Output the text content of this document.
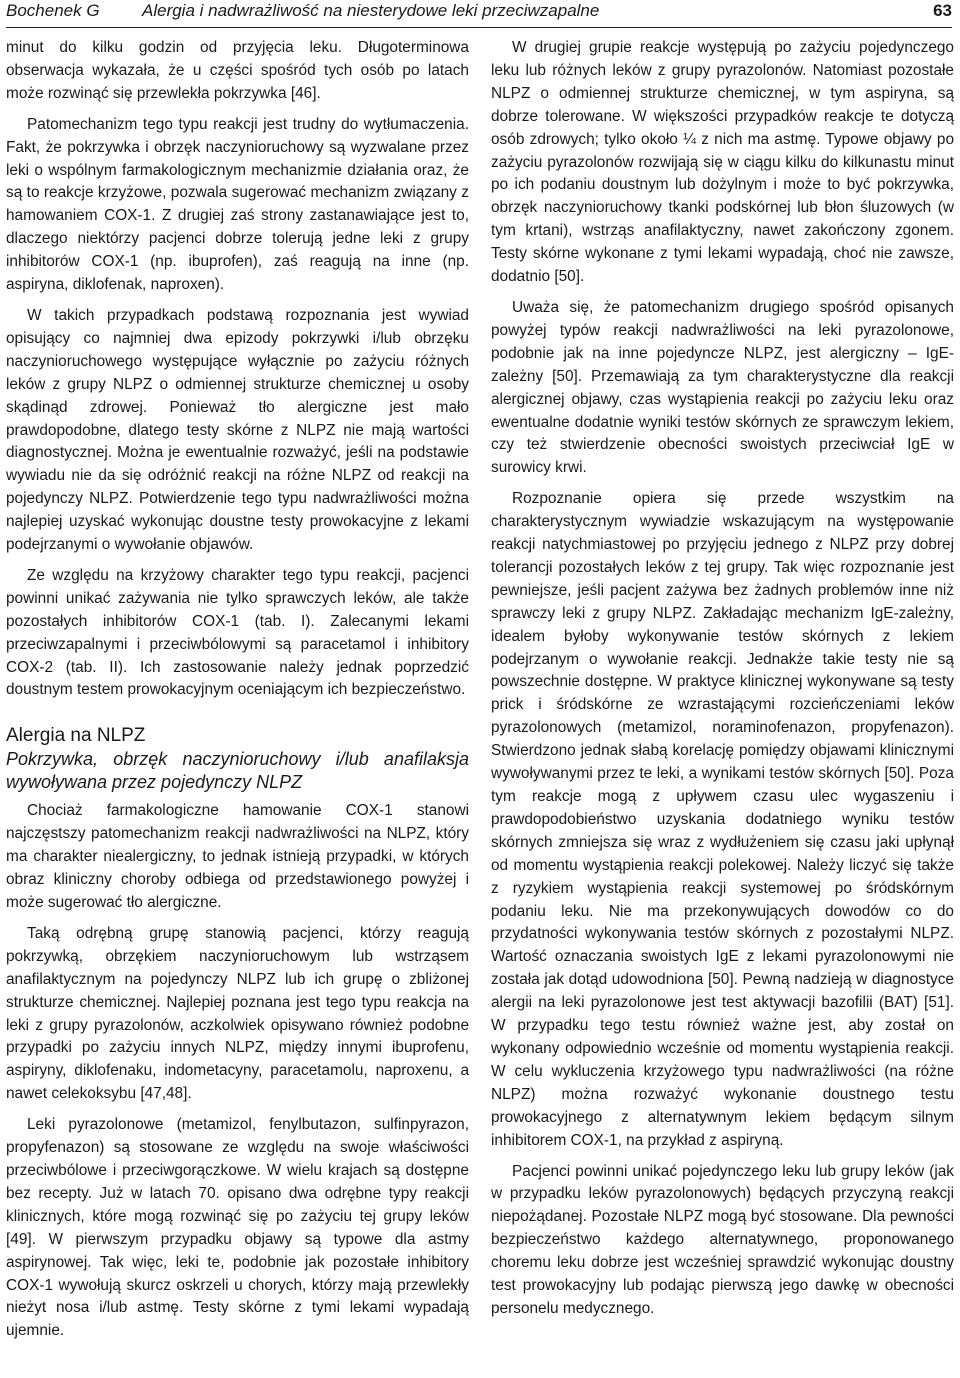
Bochenek G Alergia i nadwrażliwość na niesterydowe leki przeciwzapalne	63

minut do kilku godzin od przyjęcia leku. Długoterminowa obserwacja wykazała, że u części spośród tych osób po latach może rozwinąć się przewlekła pokrzywka [46].

Patomechanizm tego typu reakcji jest trudny do wytłumaczenia. Fakt, że pokrzywka i obrzęk naczynioruchowy są wyzwalane przez leki o wspólnym farmakologicznym mechanizmie działania oraz, że są to reakcje krzyżowe, pozwala sugerować mechanizm związany z hamowaniem COX-1. Z drugiej zaś strony zastanawiające jest to, dlaczego niektórzy pacjenci dobrze tolerują jedne leki z grupy inhibitorów COX-1 (np. ibuprofen), zaś reagują na inne (np. aspiryna, diklofenak, naproxen).

W takich przypadkach podstawą rozpoznania jest wywiad opisujący co najmniej dwa epizody pokrzywki i/lub obrzęku naczynioruchowego występujące wyłącznie po zażyciu różnych leków z grupy NLPZ o odmiennej strukturze chemicznej u osoby skądinąd zdrowej. Ponieważ tło alergiczne jest mało prawdopodobne, dlatego testy skórne z NLPZ nie mają wartości diagnostycznej. Można je ewentualnie rozważyć, jeśli na podstawie wywiadu nie da się odróżnić reakcji na różne NLPZ od reakcji na pojedynczy NLPZ. Potwierdzenie tego typu nadwrażliwości można najlepiej uzyskać wykonując doustne testy prowokacyjne z lekami podejrzanymi o wywołanie objawów.

Ze względu na krzyżowy charakter tego typu reakcji, pacjenci powinni unikać zażywania nie tylko sprawczych leków, ale także pozostałych inhibitorów COX-1 (tab. I). Zalecanymi lekami przeciwzapalnymi i przeciwbólowymi są paracetamol i inhibitory COX-2 (tab. II). Ich zastosowanie należy jednak poprzedzić doustnym testem prowokacyjnym oceniającym ich bezpieczeństwo.

Alergia na NLPZ
Pokrzywka, obrzęk naczynioruchowy i/lub anafilaksja wywoływana przez pojedynczy NLPZ

Chociaż farmakologiczne hamowanie COX-1 stanowi najczęstszy patomechanizm reakcji nadwrażliwości na NLPZ, który ma charakter niealergiczny, to jednak istnieją przypadki, w których obraz kliniczny choroby odbiega od przedstawionego powyżej i może sugerować tło alergiczne.

Taką odrębną grupę stanowią pacjenci, którzy reagują pokrzywką, obrzękiem naczynioruchowym lub wstrząsem anafilaktycznym na pojedynczy NLPZ lub ich grupę o zbliżonej strukturze chemicznej. Najlepiej poznana jest tego typu reakcja na leki z grupy pyrazolonów, aczkolwiek opisywano również podobne przypadki po zażyciu innych NLPZ, między innymi ibuprofenu, aspiryny, diklofenaku, indometacyny, paracetamolu, naproxenu, a nawet celekoksybu [47,48].

Leki pyrazolonowe (metamizol, fenylbutazon, sulfinpyrazon, propyfenazon) są stosowane ze względu na swoje właściwości przeciwbólowe i przeciwgorączkowe. W wielu krajach są dostępne bez recepty. Już w latach 70. opisano dwa odrębne typy reakcji klinicznych, które mogą rozwinąć się po zażyciu tej grupy leków [49]. W pierwszym przypadku objawy są typowe dla astmy aspirynowej. Tak więc, leki te, podobnie jak pozostałe inhibitory COX-1 wywołują skurcz oskrzeli u chorych, którzy mają przewlekły nieżyt nosa i/lub astmę. Testy skórne z tymi lekami wypadają ujemnie.

W drugiej grupie reakcje występują po zażyciu pojedynczego leku lub różnych leków z grupy pyrazolonów. Natomiast pozostałe NLPZ o odmiennej strukturze chemicznej, w tym aspiryna, są dobrze tolerowane. W większości przypadków reakcje te dotyczą osób zdrowych; tylko około ¼ z nich ma astmę. Typowe objawy po zażyciu pyrazolonów rozwijają się w ciągu kilku do kilkunastu minut po ich podaniu doustnym lub dożylnym i może to być pokrzywka, obrzęk naczynioruchowy tkanki podskórnej lub błon śluzowych (w tym krtani), wstrząs anafilaktyczny, nawet zakończony zgonem. Testy skórne wykonane z tymi lekami wypadają, choć nie zawsze, dodatnio [50].

Uważa się, że patomechanizm drugiego spośród opisanych powyżej typów reakcji nadwrażliwości na leki pyrazolonowe, podobnie jak na inne pojedyncze NLPZ, jest alergiczny – IgE-zależny [50]. Przemawiają za tym charakterystyczne dla reakcji alergicznej objawy, czas wystąpienia reakcji po zażyciu leku oraz ewentualne dodatnie wyniki testów skórnych ze sprawczym lekiem, czy też stwierdzenie obecności swoistych przeciwciał IgE w surowicy krwi.

Rozpoznanie opiera się przede wszystkim na charakterystycznym wywiadzie wskazującym na występowanie reakcji natychmiastowej po przyjęciu jednego z NLPZ przy dobrej tolerancji pozostałych leków z tej grupy. Tak więc rozpoznanie jest pewniejsze, jeśli pacjent zażywa bez żadnych problemów inne niż sprawczy leki z grupy NLPZ. Zakładając mechanizm IgE-zależny, idealem byłoby wykonywanie testów skórnych z lekiem podejrzanym o wywołanie reakcji. Jednakże takie testy nie są powszechnie dostępne. W praktyce klinicznej wykonywane są testy prick i śródskórne ze wzrastającymi rozcieńczeniami leków pyrazolonowych (metamizol, noraminofenazon, propyfenazon). Stwierdzono jednak słabą korelację pomiędzy objawami klinicznymi wywoływanymi przez te leki, a wynikami testów skórnych [50]. Poza tym reakcje mogą z upływem czasu ulec wygaszeniu i prawdopodobieństwo uzyskania dodatniego wyniku testów skórnych zmniejsza się wraz z wydłużeniem się czasu jaki upłynął od momentu wystąpienia reakcji polekowej. Należy liczyć się także z ryzykiem wystąpienia reakcji systemowej po śródskórnym podaniu leku. Nie ma przekonywujących dowodów co do przydatności wykonywania testów skórnych z pozostałymi NLPZ. Wartość oznaczania swoistych IgE z lekami pyrazolonowymi nie została jak dotąd udowodniona [50]. Pewną nadzieją w diagnostyce alergii na leki pyrazolonowe jest test aktywacji bazofilii (BAT) [51]. W przypadku tego testu również ważne jest, aby został on wykonany odpowiednio wcześnie od momentu wystąpienia reakcji. W celu wykluczenia krzyżowego typu nadwrażliwości (na różne NLPZ) można rozważyć wykonanie doustnego testu prowokacyjnego z alternatywnym lekiem będącym silnym inhibitorem COX-1, na przykład z aspiryną.

Pacjenci powinni unikać pojedynczego leku lub grupy leków (jak w przypadku leków pyrazolonowych) będących przyczyną reakcji niepożądanej. Pozostałe NLPZ mogą być stosowane. Dla pewności bezpieczeństwo każdego alternatywnego, proponowanego choremu leku dobrze jest wcześniej sprawdzić wykonując doustny test prowokacyjny lub podając pierwszą jego dawkę w obecności personelu medycznego.
